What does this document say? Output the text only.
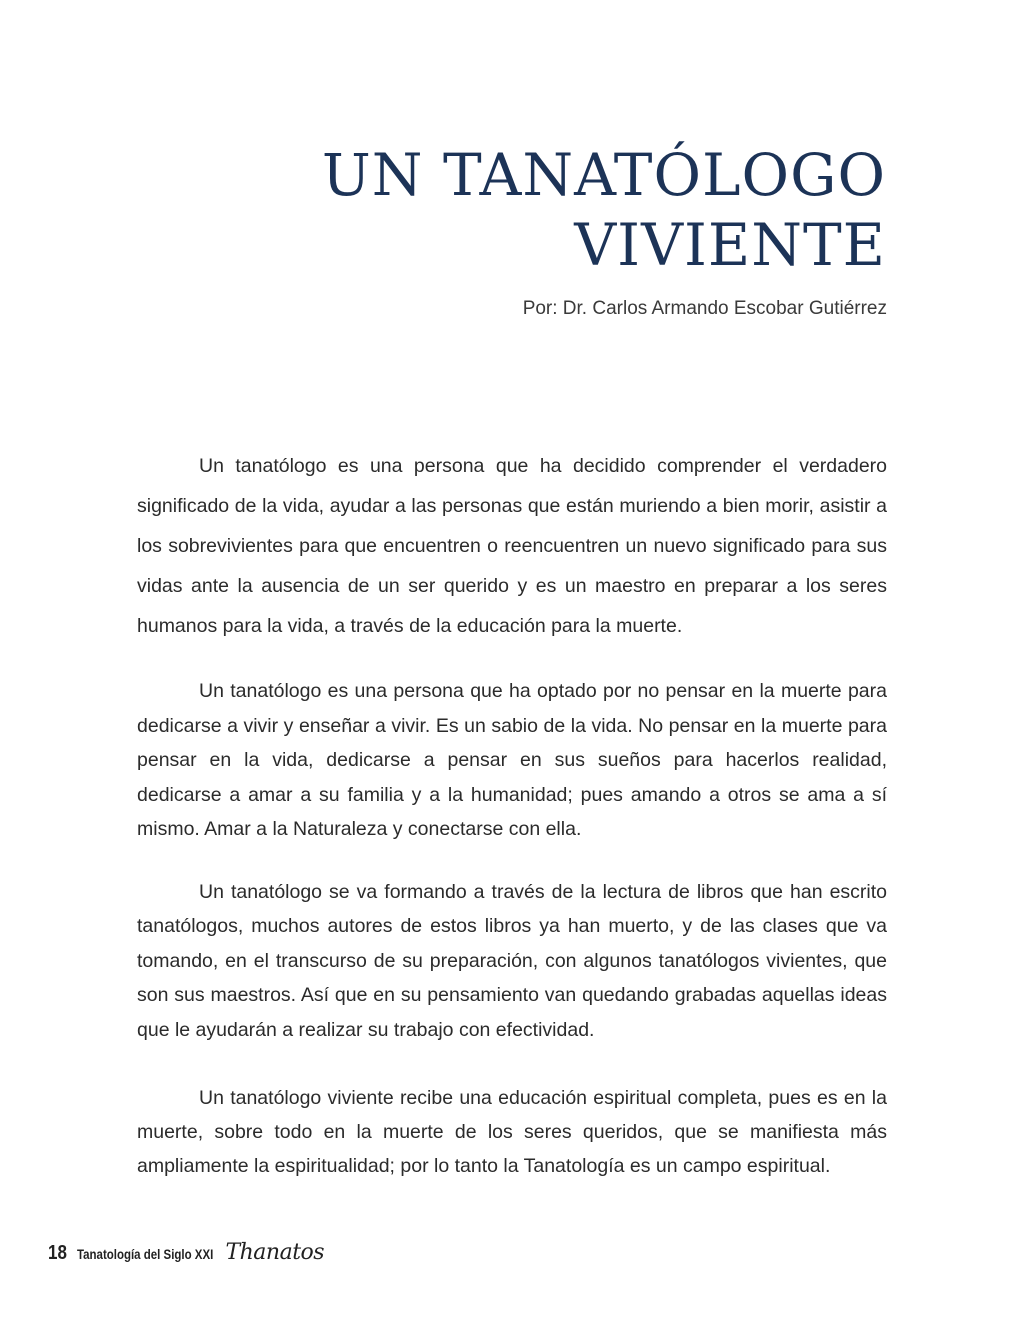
UN TANATÓLOGO
VIVIENTE
Por: Dr. Carlos Armando Escobar Gutiérrez

Un tanatólogo es una persona que ha decidido comprender el verdadero significado de la vida, ayudar a las personas que están muriendo a bien morir, asistir a los sobrevivientes para que encuentren o reencuentren un nuevo significado para sus vidas ante la ausencia de un ser querido y es un maestro en preparar a los seres humanos para la vida, a través de la educación para la muerte.

Un tanatólogo es una persona que ha optado por no pensar en la muerte para dedicarse a vivir y enseñar a vivir. Es un sabio de la vida. No pensar en la muerte para pensar en la vida, dedicarse a pensar en sus sueños para hacerlos realidad, dedicarse a amar a su familia y a la humanidad; pues amando a otros se ama a sí mismo. Amar a la Naturaleza y conectarse con ella.

Un tanatólogo se va formando a través de la lectura de libros que han escrito tanatólogos, muchos autores de estos libros ya han muerto, y de las clases que va tomando, en el transcurso de su preparación, con algunos tanatólogos vivientes, que son sus maestros. Así que en su pensamiento van quedando grabadas aquellas ideas que le ayudarán a realizar su trabajo con efectividad.

Un tanatólogo viviente recibe una educación espiritual completa, pues es en la muerte, sobre todo en la muerte de los seres queridos, que se manifiesta más ampliamente la espiritualidad; por lo tanto la Tanatología es un campo espiritual.

18 Tanatología del Siglo XXI Thanatos
